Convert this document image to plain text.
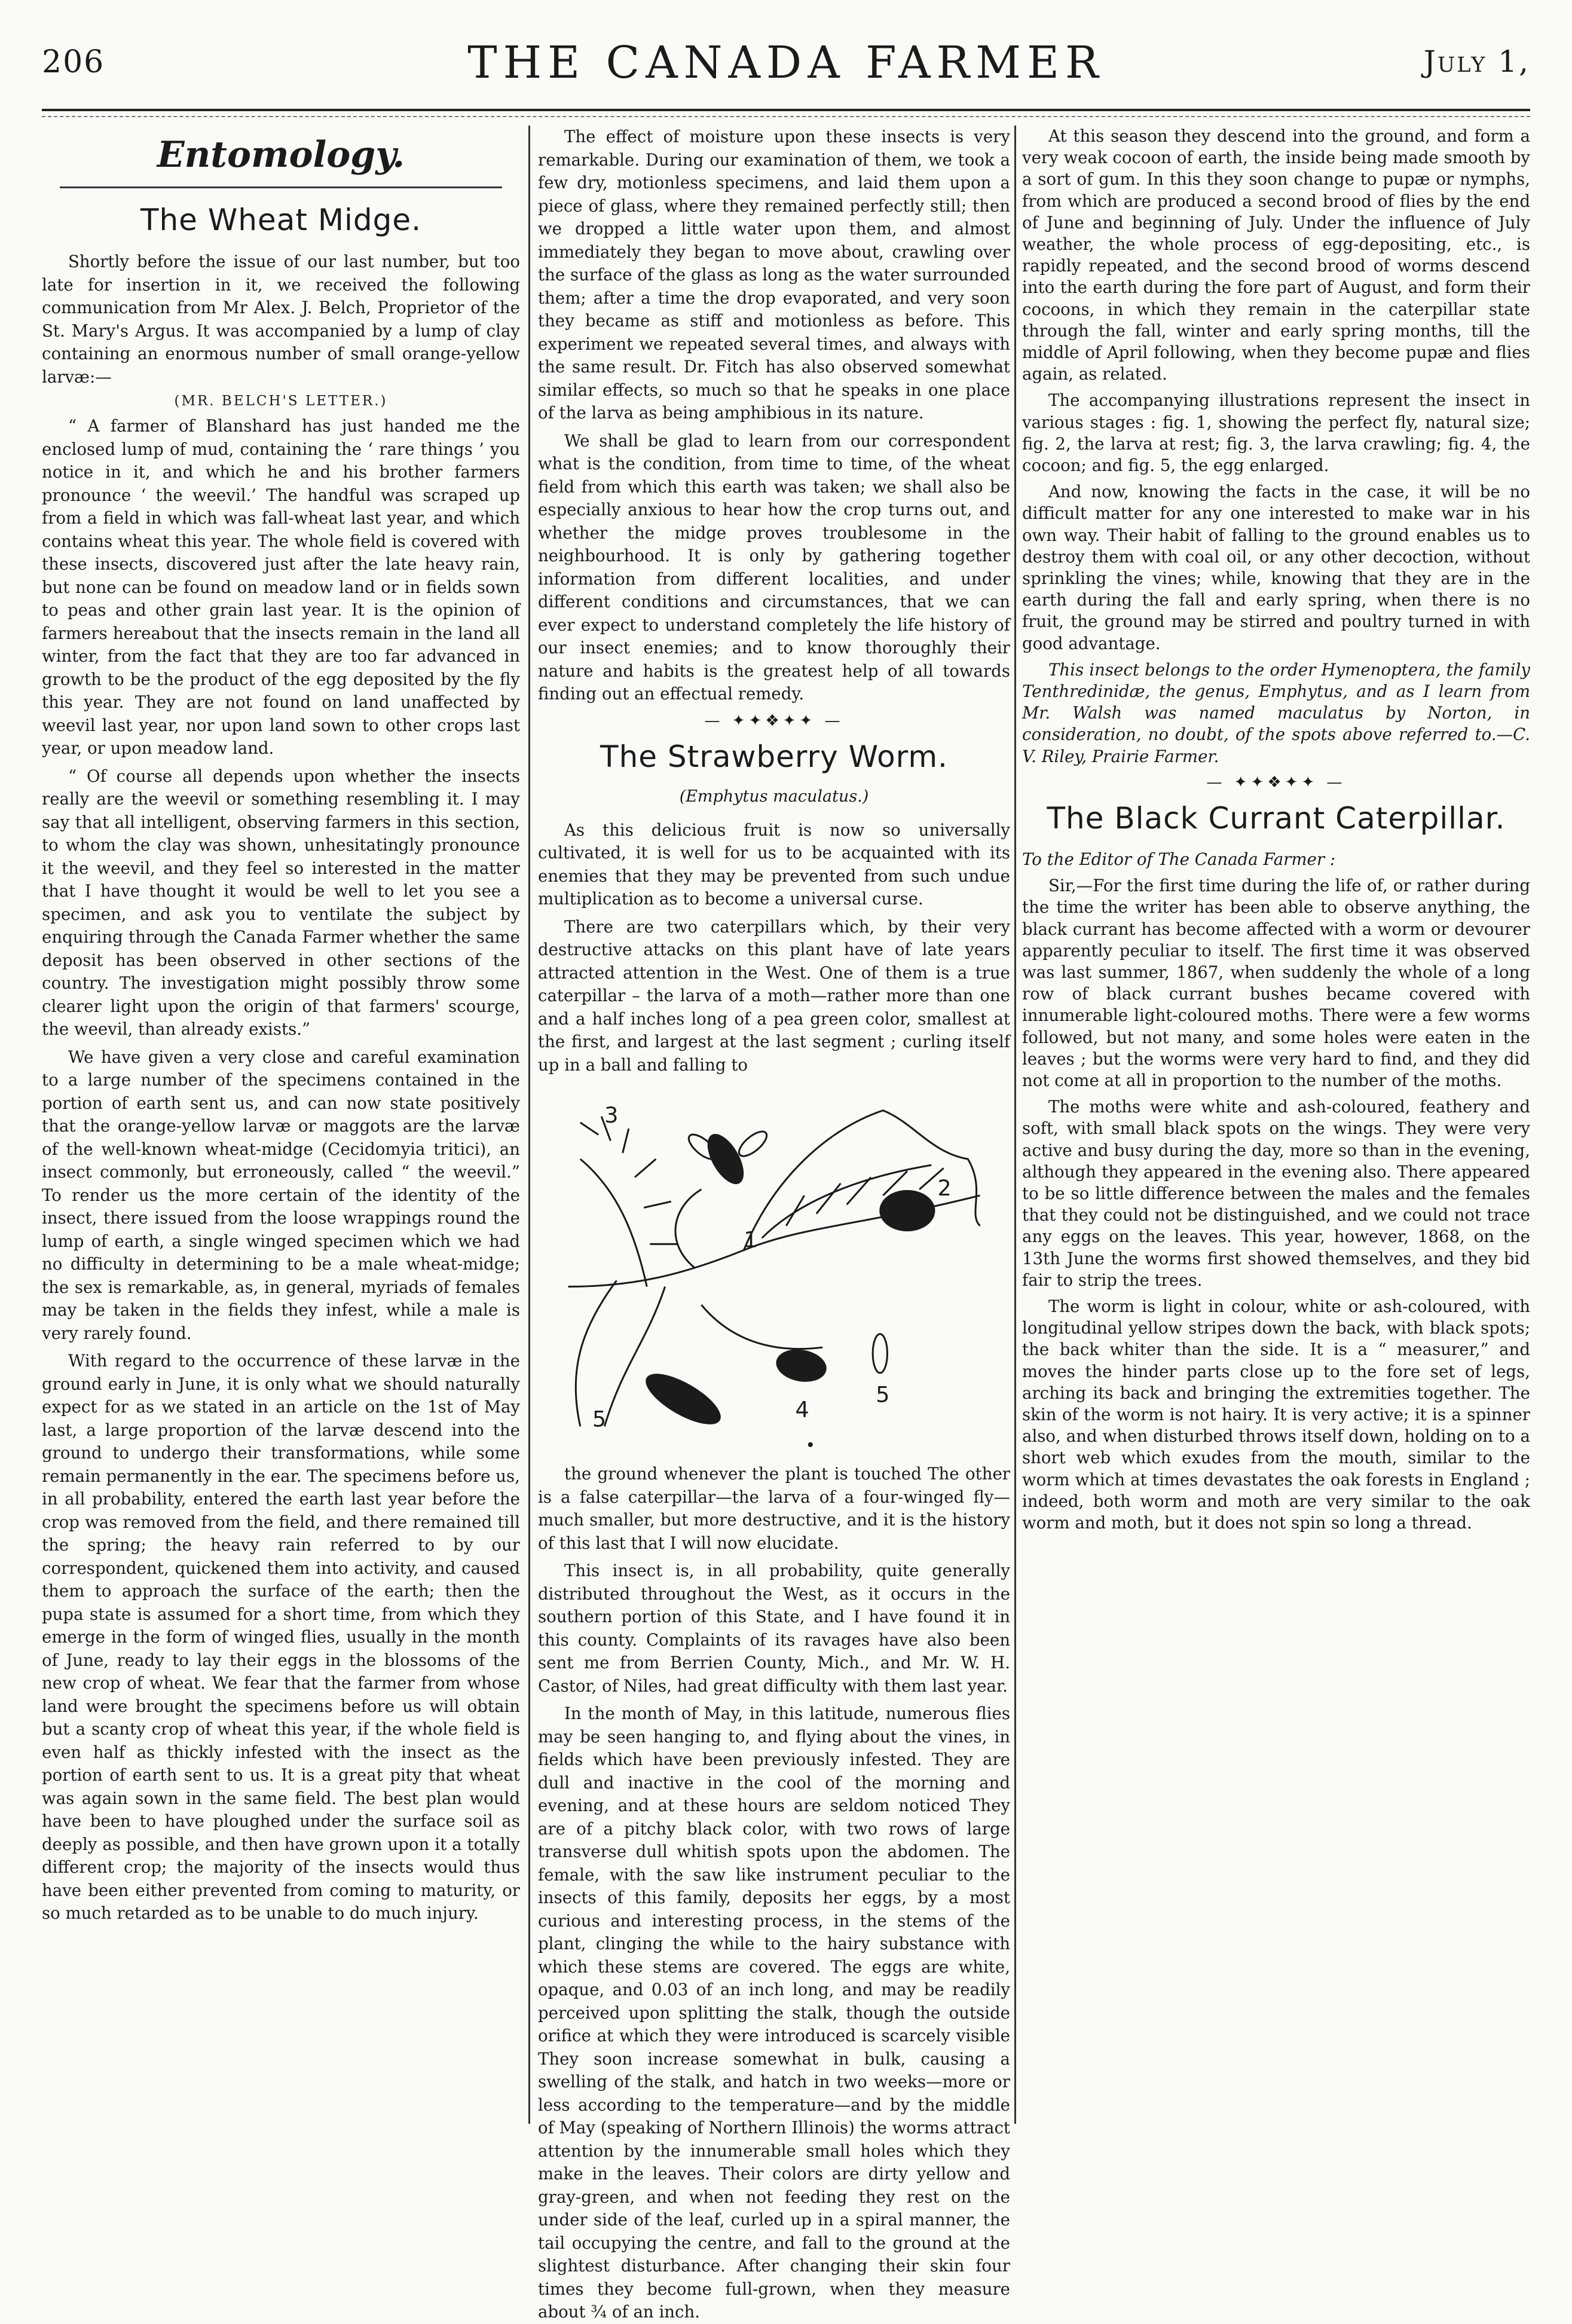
206	THE CANADA FARMER	July 1,
Entomology.
The Wheat Midge.

Shortly before the issue of our last number, but too late for insertion in it, we received the following communication from Mr Alex. J. Belch, Proprietor of the St. Mary's Argus. It was accompanied by a lump of clay containing an enormous number of small orange-yellow larvæ:—

(MR. BELCH'S LETTER.)

“ A farmer of Blanshard has just handed me the enclosed lump of mud, containing the ‘ rare things ’ you notice in it, and which he and his brother farmers pronounce ‘ the weevil.’ The handful was scraped up from a field in which was fall-wheat last year, and which contains wheat this year. The whole field is covered with these insects, discovered just after the late heavy rain, but none can be found on meadow land or in fields sown to peas and other grain last year. It is the opinion of farmers hereabout that the insects remain in the land all winter, from the fact that they are too far advanced in growth to be the product of the egg deposited by the fly this year. They are not found on land unaffected by weevil last year, nor upon land sown to other crops last year, or upon meadow land.

“ Of course all depends upon whether the insects really are the weevil or something resembling it. I may say that all intelligent, observing farmers in this section, to whom the clay was shown, unhesitatingly pronounce it the weevil, and they feel so interested in the matter that I have thought it would be well to let you see a specimen, and ask you to ventilate the subject by enquiring through the Canada Farmer whether the same deposit has been observed in other sections of the country. The investigation might possibly throw some clearer light upon the origin of that farmers' scourge, the weevil, than already exists.”

We have given a very close and careful examination to a large number of the specimens contained in the portion of earth sent us, and can now state positively that the orange-yellow larvæ or maggots are the larvæ of the well-known wheat-midge (Cecidomyia tritici), an insect commonly, but erroneously, called “ the weevil.” To render us the more certain of the identity of the insect, there issued from the loose wrappings round the lump of earth, a single winged specimen which we had no difficulty in determining to be a male wheat-midge; the sex is remarkable, as, in general, myriads of females may be taken in the fields they infest, while a male is very rarely found.

With regard to the occurrence of these larvæ in the ground early in June, it is only what we should naturally expect for as we stated in an article on the 1st of May last, a large proportion of the larvæ descend into the ground to undergo their transformations, while some remain permanently in the ear. The specimens before us, in all probability, entered the earth last year before the crop was removed from the field, and there remained till the spring; the heavy rain referred to by our correspondent, quickened them into activity, and caused them to approach the surface of the earth; then the pupa state is assumed for a short time, from which they emerge in the form of winged flies, usually in the month of June, ready to lay their eggs in the blossoms of the new crop of wheat. We fear that the farmer from whose land were brought the specimens before us will obtain but a scanty crop of wheat this year, if the whole field is even half as thickly infested with the insect as the portion of earth sent to us. It is a great pity that wheat was again sown in the same field. The best plan would have been to have ploughed under the surface soil as deeply as possible, and then have grown upon it a totally different crop; the majority of the insects would thus have been either prevented from coming to maturity, or so much retarded as to be unable to do much injury.

The effect of moisture upon these insects is very remarkable. During our examination of them, we took a few dry, motionless specimens, and laid them upon a piece of glass, where they remained perfectly still; then we dropped a little water upon them, and almost immediately they began to move about, crawling over the surface of the glass as long as the water surrounded them; after a time the drop evaporated, and very soon they became as stiff and motionless as before. This experiment we repeated several times, and always with the same result. Dr. Fitch has also observed somewhat similar effects, so much so that he speaks in one place of the larva as being amphibious in its nature.

We shall be glad to learn from our correspondent what is the condition, from time to time, of the wheat field from which this earth was taken; we shall also be especially anxious to hear how the crop turns out, and whether the midge proves troublesome in the neighbourhood. It is only by gathering together information from different localities, and under different conditions and circumstances, that we can ever expect to understand completely the life history of our insect enemies; and to know thoroughly their nature and habits is the greatest help of all towards finding out an effectual remedy.

— ✦✦❖✦✦ —
The Strawberry Worm.
(Emphytus maculatus.)

As this delicious fruit is now so universally cultivated, it is well for us to be acquainted with its enemies that they may be prevented from such undue multiplication as to become a universal curse.

There are two caterpillars which, by their very destructive attacks on this plant have of late years attracted attention in the West. One of them is a true caterpillar – the larva of a moth—rather more than one and a half inches long of a pea green color, smallest at the first, and largest at the last segment ; curling itself up in a ball and falling to

1
2
3
4
5
5

the ground whenever the plant is touched The other is a false caterpillar—the larva of a four-winged fly—much smaller, but more destructive, and it is the history of this last that I will now elucidate.

This insect is, in all probability, quite generally distributed throughout the West, as it occurs in the southern portion of this State, and I have found it in this county. Complaints of its ravages have also been sent me from Berrien County, Mich., and Mr. W. H. Castor, of Niles, had great difficulty with them last year.

In the month of May, in this latitude, numerous flies may be seen hanging to, and flying about the vines, in fields which have been previously infested. They are dull and inactive in the cool of the morning and evening, and at these hours are seldom noticed They are of a pitchy black color, with two rows of large transverse dull whitish spots upon the abdomen. The female, with the saw like instrument peculiar to the insects of this family, deposits her eggs, by a most curious and interesting process, in the stems of the plant, clinging the while to the hairy substance with which these stems are covered. The eggs are white, opaque, and 0.03 of an inch long, and may be readily perceived upon splitting the stalk, though the outside orifice at which they were introduced is scarcely visible They soon increase somewhat in bulk, causing a swelling of the stalk, and hatch in two weeks—more or less according to the temperature—and by the middle of May (speaking of Northern Illinois) the worms attract attention by the innumerable small holes which they make in the leaves. Their colors are dirty yellow and gray-green, and when not feeding they rest on the under side of the leaf, curled up in a spiral manner, the tail occupying the centre, and fall to the ground at the slightest disturbance. After changing their skin four times they become full-grown, when they measure about ¾ of an inch.

At this season they descend into the ground, and form a very weak cocoon of earth, the inside being made smooth by a sort of gum. In this they soon change to pupæ or nymphs, from which are produced a second brood of flies by the end of June and beginning of July. Under the influence of July weather, the whole process of egg-depositing, etc., is rapidly repeated, and the second brood of worms descend into the earth during the fore part of August, and form their cocoons, in which they remain in the caterpillar state through the fall, winter and early spring months, till the middle of April following, when they become pupæ and flies again, as related.

The accompanying illustrations represent the insect in various stages : fig. 1, showing the perfect fly, natural size; fig. 2, the larva at rest; fig. 3, the larva crawling; fig. 4, the cocoon; and fig. 5, the egg enlarged.

And now, knowing the facts in the case, it will be no difficult matter for any one interested to make war in his own way. Their habit of falling to the ground enables us to destroy them with coal oil, or any other decoction, without sprinkling the vines; while, knowing that they are in the earth during the fall and early spring, when there is no fruit, the ground may be stirred and poultry turned in with good advantage.

This insect belongs to the order Hymenoptera, the family Tenthredinidæ, the genus, Emphytus, and as I learn from Mr. Walsh was named maculatus by Norton, in consideration, no doubt, of the spots above referred to.—C. V. Riley, Prairie Farmer.

— ✦✦❖✦✦ —
The Black Currant Caterpillar.

To the Editor of The Canada Farmer :

Sir,—For the first time during the life of, or rather during the time the writer has been able to observe anything, the black currant has become affected with a worm or devourer apparently peculiar to itself. The first time it was observed was last summer, 1867, when suddenly the whole of a long row of black currant bushes became covered with innumerable light-coloured moths. There were a few worms followed, but not many, and some holes were eaten in the leaves ; but the worms were very hard to find, and they did not come at all in proportion to the number of the moths.

The moths were white and ash-coloured, feathery and soft, with small black spots on the wings. They were very active and busy during the day, more so than in the evening, although they appeared in the evening also. There appeared to be so little difference between the males and the females that they could not be distinguished, and we could not trace any eggs on the leaves. This year, however, 1868, on the 13th June the worms first showed themselves, and they bid fair to strip the trees.

The worm is light in colour, white or ash-coloured, with longitudinal yellow stripes down the back, with black spots; the back whiter than the side. It is a “ measurer,” and moves the hinder parts close up to the fore set of legs, arching its back and bringing the extremities together. The skin of the worm is not hairy. It is very active; it is a spinner also, and when disturbed throws itself down, holding on to a short web which exudes from the mouth, similar to the worm which at times devastates the oak forests in England ; indeed, both worm and moth are very similar to the oak worm and moth, but it does not spin so long a thread.
